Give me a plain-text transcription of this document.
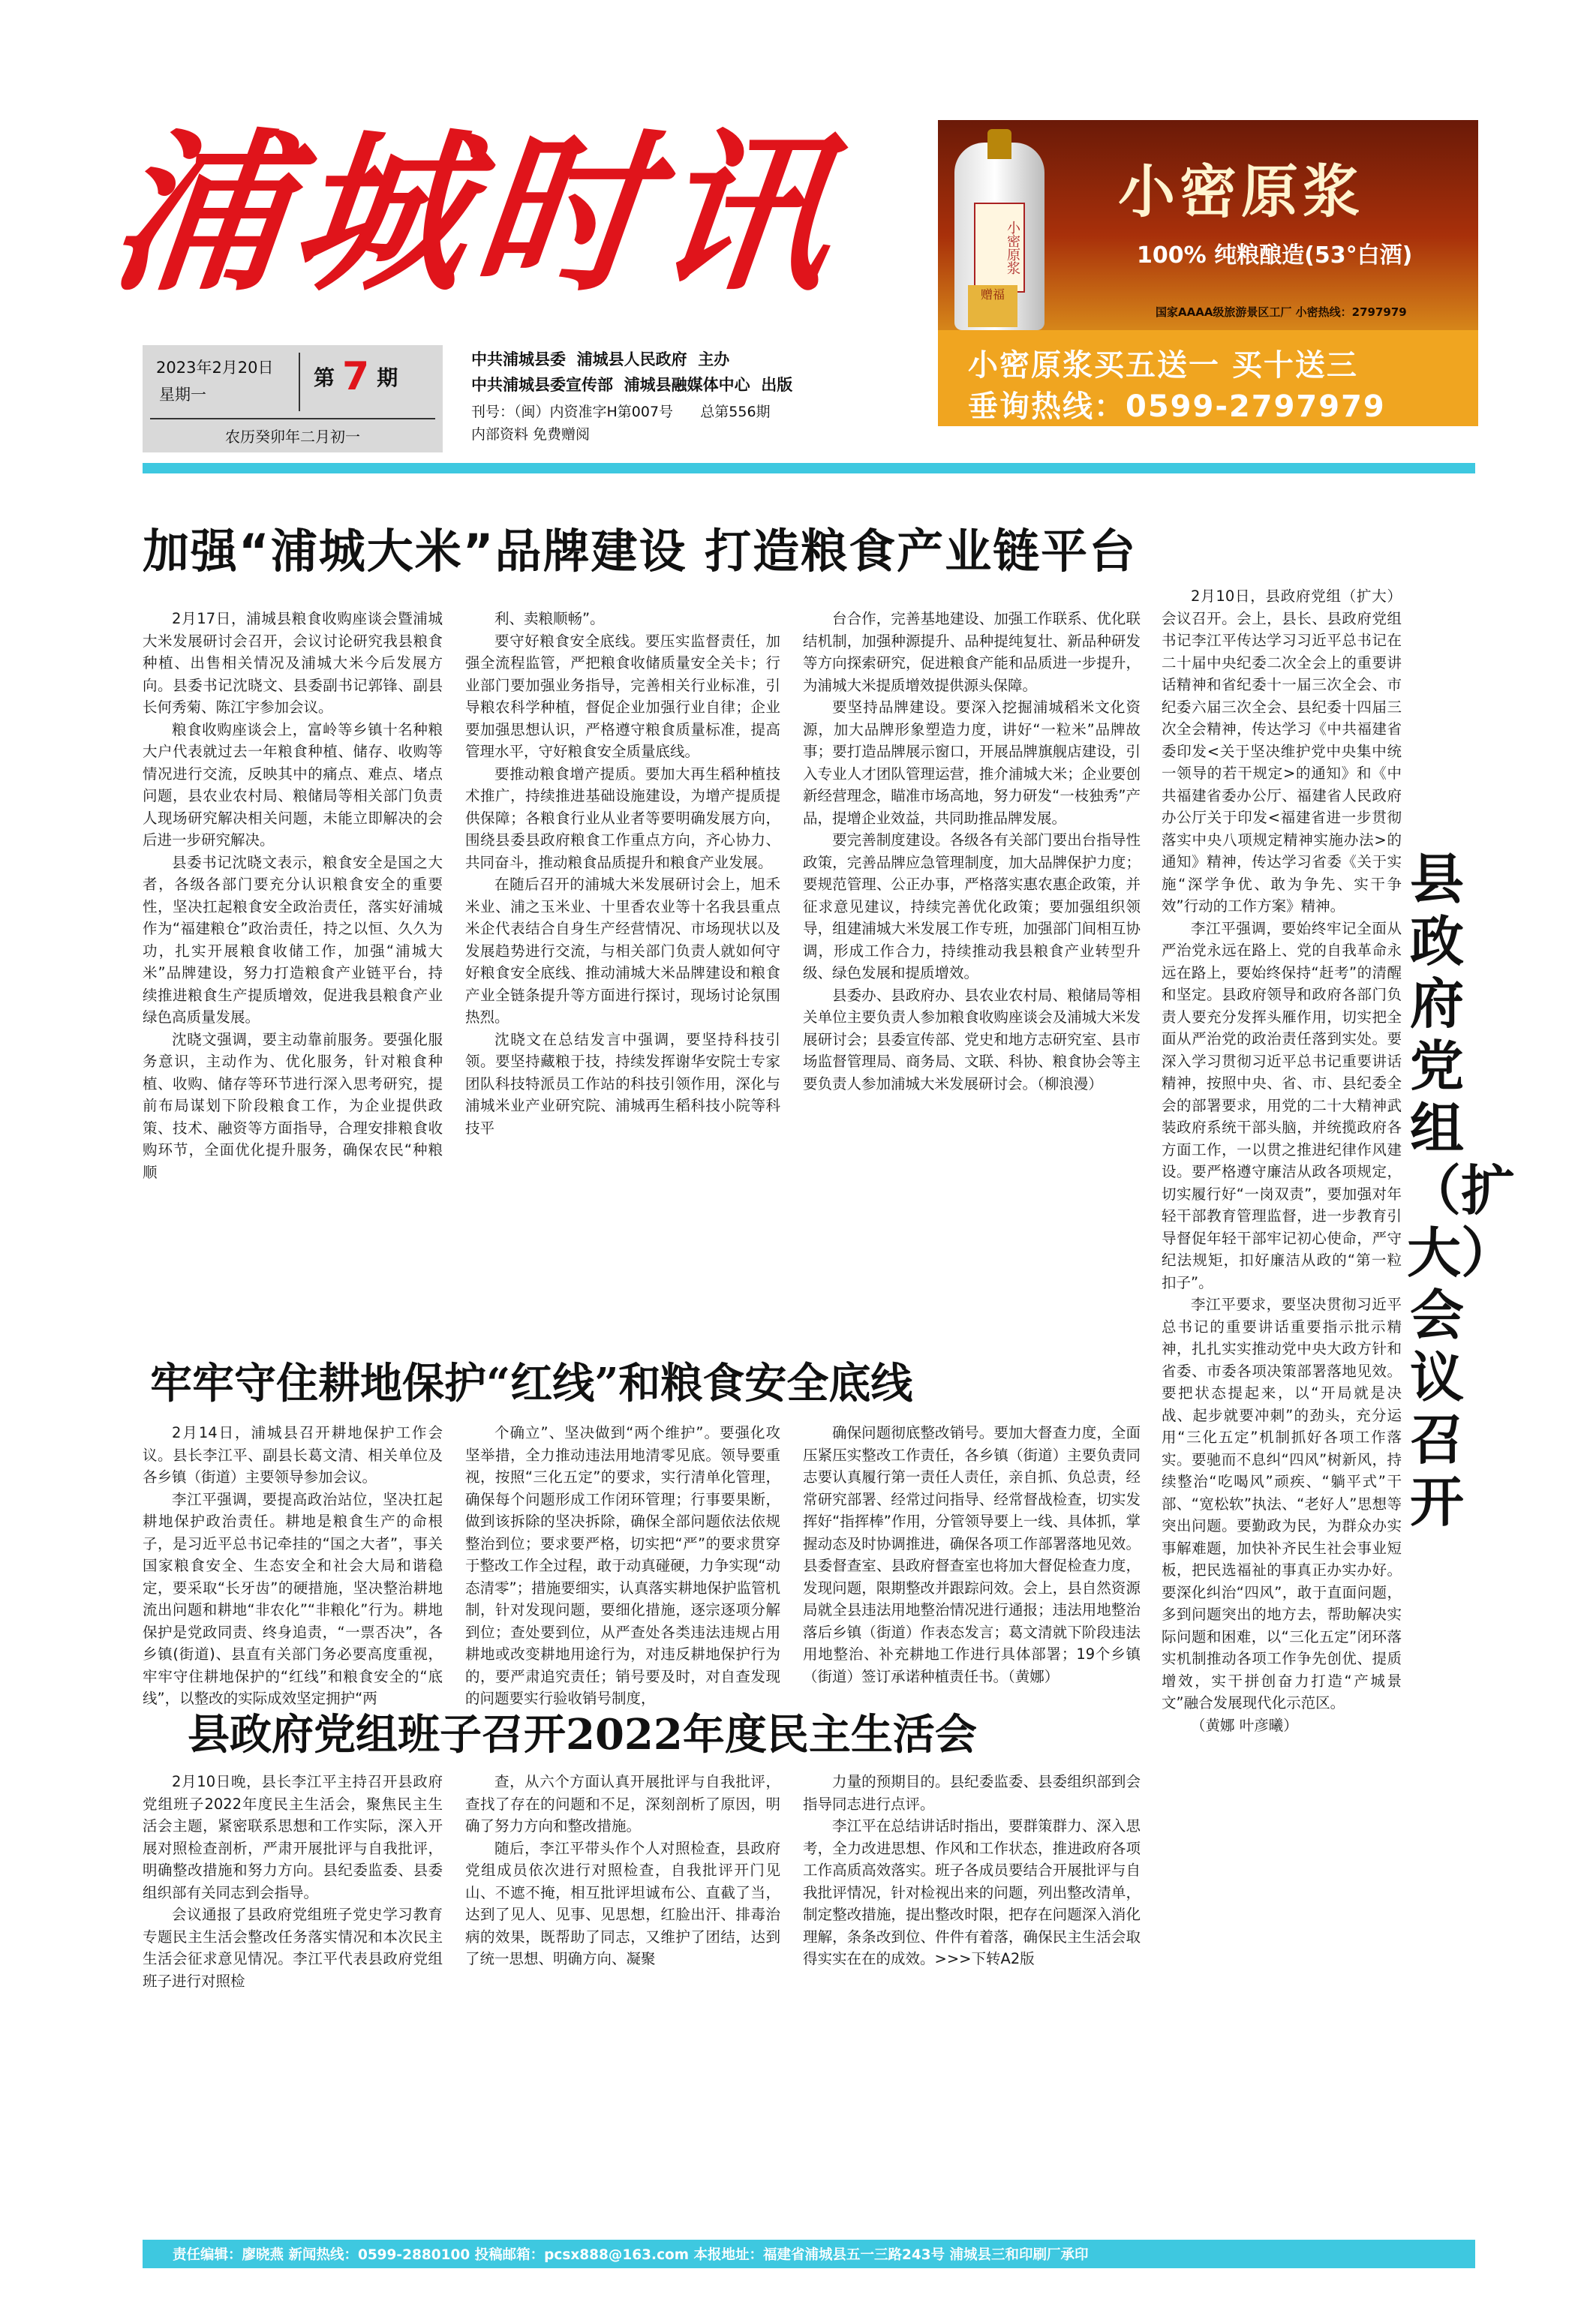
浦城时讯
2023年2月20日
星期一
第 7 期
农历癸卯年二月初一
中共浦城县委  浦城县人民政府  主办
中共浦城县委宣传部  浦城县融媒体中心  出版
刊号：（闽）内资准字H第007号      总第556期
内部资料 免费赠阅
小密原浆
赠福
小密原浆
100% 纯粮酿造(53°白酒)
国家AAAA级旅游景区工厂 小密热线：2797979
小密原浆买五送一 买十送三
垂询热线：0599-2797979
加强“浦城大米”品牌建设 打造粮食产业链平台

2月17日，浦城县粮食收购座谈会暨浦城大米发展研讨会召开，会议讨论研究我县粮食种植、出售相关情况及浦城大米今后发展方向。县委书记沈晓文、县委副书记郭锋、副县长何秀菊、陈江宇参加会议。

粮食收购座谈会上，富岭等乡镇十名种粮大户代表就过去一年粮食种植、储存、收购等情况进行交流，反映其中的痛点、难点、堵点问题，县农业农村局、粮储局等相关部门负责人现场研究解决相关问题，未能立即解决的会后进一步研究解决。

县委书记沈晓文表示，粮食安全是国之大者，各级各部门要充分认识粮食安全的重要性，坚决扛起粮食安全政治责任，落实好浦城作为“福建粮仓”政治责任，持之以恒、久久为功，扎实开展粮食收储工作，加强“浦城大米”品牌建设，努力打造粮食产业链平台，持续推进粮食生产提质增效，促进我县粮食产业绿色高质量发展。

沈晓文强调，要主动靠前服务。要强化服务意识，主动作为、优化服务，针对粮食种植、收购、储存等环节进行深入思考研究，提前布局谋划下阶段粮食工作，为企业提供政策、技术、融资等方面指导，合理安排粮食收购环节，全面优化提升服务，确保农民“种粮顺

利、卖粮顺畅”。

要守好粮食安全底线。要压实监督责任，加强全流程监管，严把粮食收储质量安全关卡；行业部门要加强业务指导，完善相关行业标准，引导粮农科学种植，督促企业加强行业自律；企业要加强思想认识，严格遵守粮食质量标准，提高管理水平，守好粮食安全质量底线。

要推动粮食增产提质。要加大再生稻种植技术推广，持续推进基础设施建设，为增产提质提供保障；各粮食行业从业者等要明确发展方向，围绕县委县政府粮食工作重点方向，齐心协力、共同奋斗，推动粮食品质提升和粮食产业发展。

在随后召开的浦城大米发展研讨会上，旭禾米业、浦之玉米业、十里香农业等十名我县重点米企代表结合自身生产经营情况、市场现状以及发展趋势进行交流，与相关部门负责人就如何守好粮食安全底线、推动浦城大米品牌建设和粮食产业全链条提升等方面进行探讨，现场讨论氛围热烈。

沈晓文在总结发言中强调，要坚持科技引领。要坚持藏粮于技，持续发挥谢华安院士专家团队科技特派员工作站的科技引领作用，深化与浦城米业产业研究院、浦城再生稻科技小院等科技平

台合作，完善基地建设、加强工作联系、优化联结机制，加强种源提升、品种提纯复壮、新品种研发等方向探索研究，促进粮食产能和品质进一步提升，为浦城大米提质增效提供源头保障。

要坚持品牌建设。要深入挖掘浦城稻米文化资源，加大品牌形象塑造力度，讲好“一粒米”品牌故事；要打造品牌展示窗口，开展品牌旗舰店建设，引入专业人才团队管理运营，推介浦城大米；企业要创新经营理念，瞄准市场高地，努力研发“一枝独秀”产品，提增企业效益，共同助推品牌发展。

要完善制度建设。各级各有关部门要出台指导性政策，完善品牌应急管理制度，加大品牌保护力度；要规范管理、公正办事，严格落实惠农惠企政策，并征求意见建议，持续完善优化政策；要加强组织领导，组建浦城大米发展工作专班，加强部门间相互协调，形成工作合力，持续推动我县粮食产业转型升级、绿色发展和提质增效。

县委办、县政府办、县农业农村局、粮储局等相关单位主要负责人参加粮食收购座谈会及浦城大米发展研讨会；县委宣传部、党史和地方志研究室、县市场监督管理局、商务局、文联、科协、粮食协会等主要负责人参加浦城大米发展研讨会。（柳浪漫）

牢牢守住耕地保护“红线”和粮食安全底线

2月14日，浦城县召开耕地保护工作会议。县长李江平、副县长葛文清、相关单位及各乡镇（街道）主要领导参加会议。

李江平强调，要提高政治站位，坚决扛起耕地保护政治责任。耕地是粮食生产的命根子，是习近平总书记牵挂的“国之大者”，事关国家粮食安全、生态安全和社会大局和谐稳定，要采取“长牙齿”的硬措施，坚决整治耕地流出问题和耕地“非农化”“非粮化”行为。耕地保护是党政同责、终身追责，“一票否决”，各乡镇(街道)、县直有关部门务必要高度重视，牢牢守住耕地保护的“红线”和粮食安全的“底线”，以整改的实际成效坚定拥护“两

个确立”、坚决做到“两个维护”。要强化攻坚举措，全力推动违法用地清零见底。领导要重视，按照“三化五定”的要求，实行清单化管理，确保每个问题形成工作闭环管理；行事要果断，做到该拆除的坚决拆除，确保全部问题依法依规整治到位；要求要严格，切实把“严”的要求贯穿于整改工作全过程，敢于动真碰硬，力争实现“动态清零”；措施要细实，认真落实耕地保护监管机制，针对发现问题，要细化措施，逐宗逐项分解到位；查处要到位，从严查处各类违法违规占用耕地或改变耕地用途行为，对违反耕地保护行为的，要严肃追究责任；销号要及时，对自查发现的问题要实行验收销号制度，

确保问题彻底整改销号。要加大督查力度，全面压紧压实整改工作责任，各乡镇（街道）主要负责同志要认真履行第一责任人责任，亲自抓、负总责，经常研究部署、经常过问指导、经常督战检查，切实发挥好“指挥棒”作用，分管领导要上一线、具体抓，掌握动态及时协调推进，确保各项工作部署落地见效。县委督查室、县政府督查室也将加大督促检查力度，发现问题，限期整改并跟踪问效。会上，县自然资源局就全县违法用地整治情况进行通报；违法用地整治落后乡镇（街道）作表态发言；葛文清就下阶段违法用地整治、补充耕地工作进行具体部署；19个乡镇（街道）签订承诺种植责任书。（黄娜）

县政府党组班子召开2022年度民主生活会

2月10日晚，县长李江平主持召开县政府党组班子2022年度民主生活会，聚焦民主生活会主题，紧密联系思想和工作实际，深入开展对照检查剖析，严肃开展批评与自我批评，明确整改措施和努力方向。县纪委监委、县委组织部有关同志到会指导。

会议通报了县政府党组班子党史学习教育专题民主生活会整改任务落实情况和本次民主生活会征求意见情况。李江平代表县政府党组班子进行对照检

查，从六个方面认真开展批评与自我批评，查找了存在的问题和不足，深刻剖析了原因，明确了努力方向和整改措施。

随后，李江平带头作个人对照检查，县政府党组成员依次进行对照检查，自我批评开门见山、不遮不掩，相互批评坦诚布公、直截了当，达到了见人、见事、见思想，红脸出汗、排毒治病的效果，既帮助了同志，又维护了团结，达到了统一思想、明确方向、凝聚

力量的预期目的。县纪委监委、县委组织部到会指导同志进行点评。

李江平在总结讲话时指出，要群策群力、深入思考，全力改进思想、作风和工作状态，推进政府各项工作高质高效落实。班子各成员要结合开展批评与自我批评情况，针对检视出来的问题，列出整改清单，制定整改措施，提出整改时限，把存在问题深入消化理解，条条改到位、件件有着落，确保民主生活会取得实实在在的成效。>>>下转A2版

2月10日，县政府党组（扩大）会议召开。会上，县长、县政府党组书记李江平传达学习习近平总书记在二十届中央纪委二次全会上的重要讲话精神和省纪委十一届三次全会、市纪委六届三次全会、县纪委十四届三次全会精神，传达学习《中共福建省委印发<关于坚决维护党中央集中统一领导的若干规定>的通知》和《中共福建省委办公厅、福建省人民政府办公厅关于印发<福建省进一步贯彻落实中央八项规定精神实施办法>的通知》精神，传达学习省委《关于实施“深学争优、敢为争先、实干争效”行动的工作方案》精神。

李江平强调，要始终牢记全面从严治党永远在路上、党的自我革命永远在路上，要始终保持“赶考”的清醒和坚定。县政府领导和政府各部门负责人要充分发挥头雁作用，切实把全面从严治党的政治责任落到实处。要深入学习贯彻习近平总书记重要讲话精神，按照中央、省、市、县纪委全会的部署要求，用党的二十大精神武装政府系统干部头脑，并统揽政府各方面工作，一以贯之推进纪律作风建设。要严格遵守廉洁从政各项规定，切实履行好“一岗双责”，要加强对年轻干部教育管理监督，进一步教育引导督促年轻干部牢记初心使命，严守纪法规矩，扣好廉洁从政的“第一粒扣子”。

李江平要求，要坚决贯彻习近平总书记的重要讲话重要指示批示精神，扎扎实实推动党中央大政方针和省委、市委各项决策部署落地见效。要把状态提起来，以“开局就是决战、起步就要冲刺”的劲头，充分运用“三化五定”机制抓好各项工作落实。要驰而不息纠“四风”树新风，持续整治“吃喝风”顽疾、“躺平式”干部、“宽松软”执法、“老好人”思想等突出问题。要勤政为民，为群众办实事解难题，加快补齐民生社会事业短板，把民选福祉的事真正办实办好。要深化纠治“四风”，敢于直面问题，多到问题突出的地方去，帮助解决实际问题和困难，以“三化五定”闭环落实机制推动各项工作争先创优、提质增效，实干拼创奋力打造“产城景文”融合发展现代化示范区。

（黄娜 叶彦曦）

县政府党组（扩大）会议召开
责任编辑：廖晓燕 新闻热线：0599-2880100 投稿邮箱：pcsx888@163.com 本报地址：福建省浦城县五一三路243号 浦城县三和印刷厂承印
